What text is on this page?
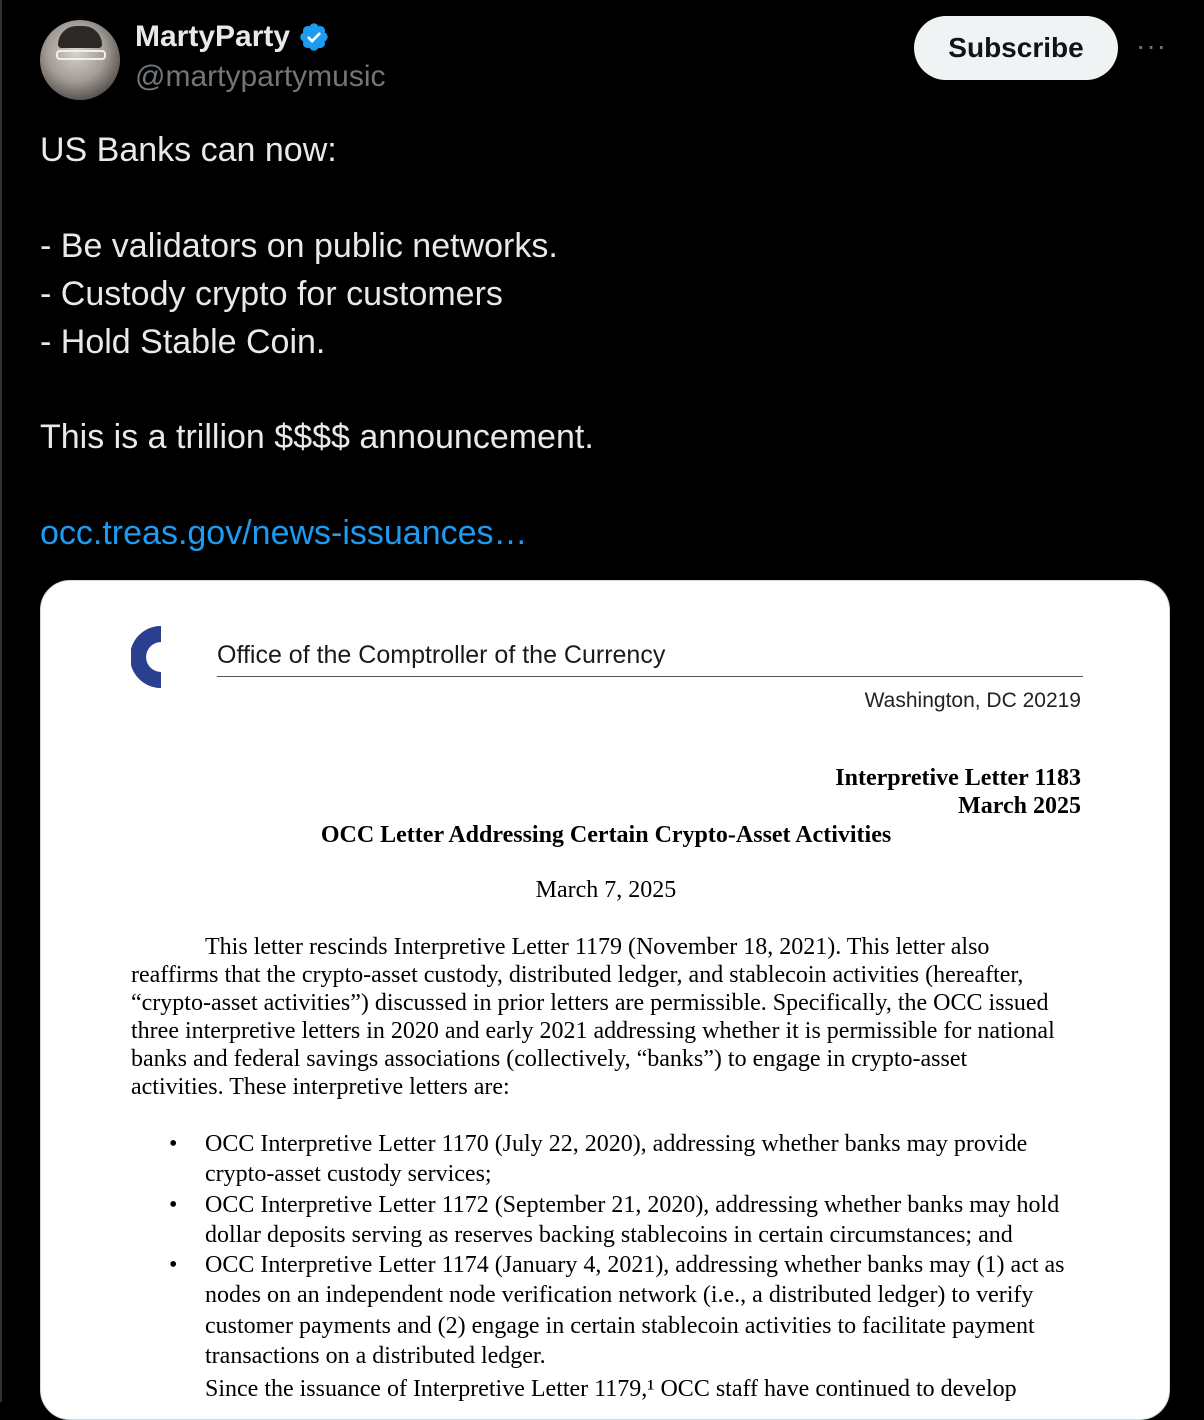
⚡	MartyParty
@martypartymusic
Subscribe	···

US Banks can now:

- Be validators on public networks.

- Custody crypto for customers

- Hold Stable Coin.

This is a trillion $$$$ announcement.

occ.treas.gov/news-issuances…

Office of the Comptroller of the Currency
Washington, DC 20219
Interpretive Letter 1183
March 2025
OCC Letter Addressing Certain Crypto-Asset Activities
March 7, 2025
This letter rescinds Interpretive Letter 1179 (November 18, 2021). This letter also
reaffirms that the crypto-asset custody, distributed ledger, and stablecoin activities (hereafter,
“crypto-asset activities”) discussed in prior letters are permissible. Specifically, the OCC issued
three interpretive letters in 2020 and early 2021 addressing whether it is permissible for national
banks and federal savings associations (collectively, “banks”) to engage in crypto-asset
activities. These interpretive letters are:
• OCC Interpretive Letter 1170 (July 22, 2020), addressing whether banks may provide
crypto-asset custody services;
• OCC Interpretive Letter 1172 (September 21, 2020), addressing whether banks may hold
dollar deposits serving as reserves backing stablecoins in certain circumstances; and
• OCC Interpretive Letter 1174 (January 4, 2021), addressing whether banks may (1) act as
nodes on an independent node verification network (i.e., a distributed ledger) to verify
customer payments and (2) engage in certain stablecoin activities to facilitate payment
transactions on a distributed ledger.
Since the issuance of Interpretive Letter 1179,¹ OCC staff have continued to develop
